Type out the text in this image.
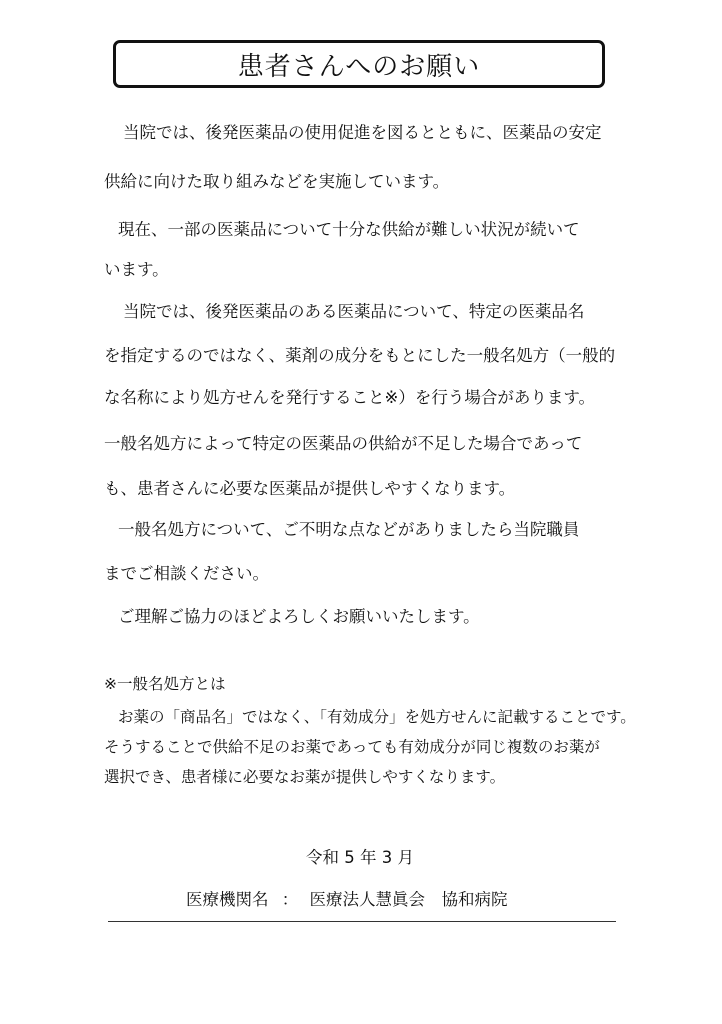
患者さんへのお願い
当院では、後発医薬品の使用促進を図るとともに、医薬品の安定
供給に向けた取り組みなどを実施しています。
現在、一部の医薬品について十分な供給が難しい状況が続いて
います。
当院では、後発医薬品のある医薬品について、特定の医薬品名
を指定するのではなく、薬剤の成分をもとにした一般名処方（一般的
な名称により処方せんを発行すること※）を行う場合があります。
一般名処方によって特定の医薬品の供給が不足した場合であって
も、患者さんに必要な医薬品が提供しやすくなります。
一般名処方について、ご不明な点などがありましたら当院職員
までご相談ください。
ご理解ご協力のほどよろしくお願いいたします。
※一般名処方とは
お薬の「商品名」ではなく、「有効成分」を処方せんに記載することです。
そうすることで供給不足のお薬であっても有効成分が同じ複数のお薬が
選択でき、患者様に必要なお薬が提供しやすくなります。
令和 5 年 3 月
医療機関名 ： 医療法人慧眞会　協和病院
